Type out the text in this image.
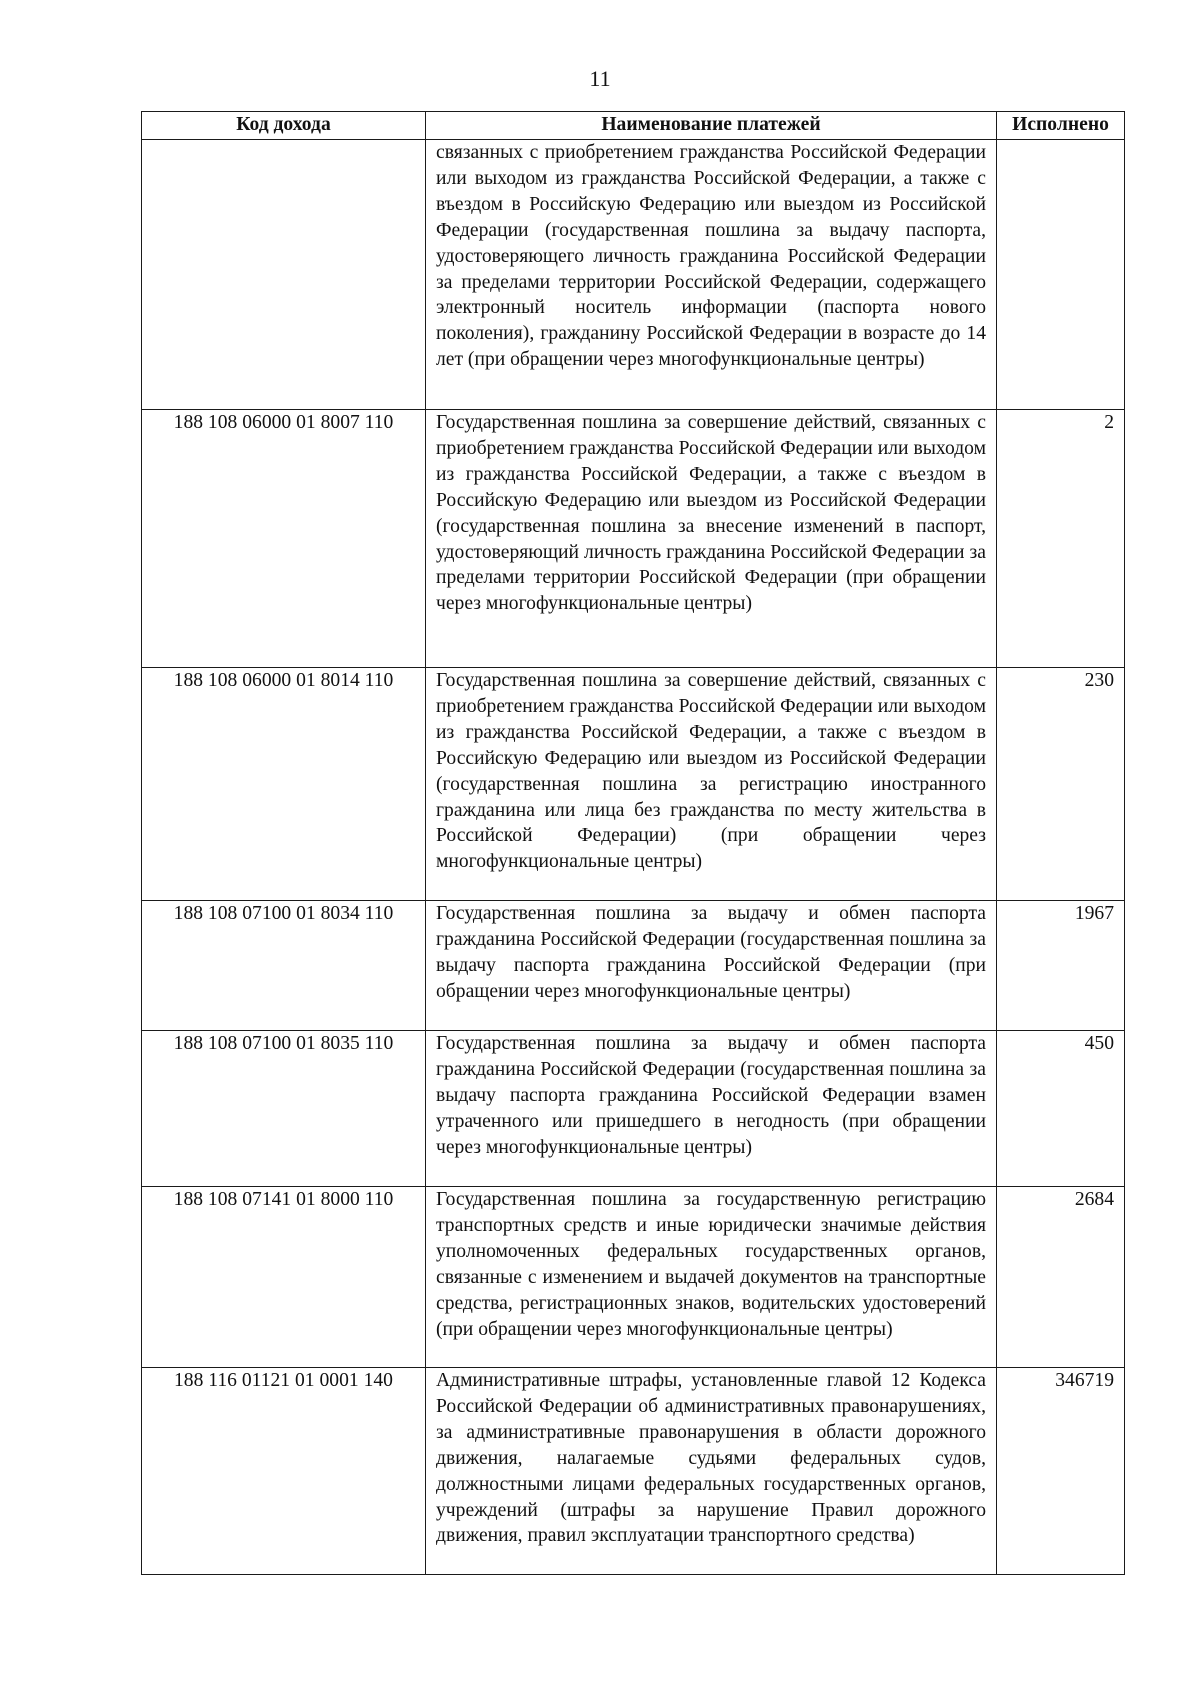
11
Код дохода	Наименование платежей	Исполнено
	связанных с приобретением гражданства Российской Федерации или выходом из гражданства Российской Федерации, а также с въездом в Российскую Федерацию или выездом из Российской Федерации (государственная пошлина за выдачу паспорта, удостоверяющего личность гражданина Российской Федерации за пределами территории Российской Федерации, содержащего электронный носитель информации (паспорта нового поколения), гражданину Российской Федерации в возрасте до 14 лет (при обращении через многофункциональные центры)	
188 108 06000 01 8007 110	Государственная пошлина за совершение действий, связанных с приобретением гражданства Российской Федерации или выходом из гражданства Российской Федерации, а также с въездом в Российскую Федерацию или выездом из Российской Федерации (государственная пошлина за внесение изменений в паспорт, удостоверяющий личность гражданина Российской Федерации за пределами территории Российской Федерации (при обращении через многофункциональные центры)	2
188 108 06000 01 8014 110	Государственная пошлина за совершение действий, связанных с приобретением гражданства Российской Федерации или выходом из гражданства Российской Федерации, а также с въездом в Российскую Федерацию или выездом из Российской Федерации (государственная пошлина за регистрацию иностранного гражданина или лица без гражданства по месту жительства в Российской Федерации) (при обращении через многофункциональные центры)	230
188 108 07100 01 8034 110	Государственная пошлина за выдачу и обмен паспорта гражданина Российской Федерации (государственная пошлина за выдачу паспорта гражданина Российской Федерации (при обращении через многофункциональные центры)	1967
188 108 07100 01 8035 110	Государственная пошлина за выдачу и обмен паспорта гражданина Российской Федерации (государственная пошлина за выдачу паспорта гражданина Российской Федерации взамен утраченного или пришедшего в негодность (при обращении через многофункциональные центры)	450
188 108 07141 01 8000 110	Государственная пошлина за государственную регистрацию транспортных средств и иные юридически значимые действия уполномоченных федеральных государственных органов, связанные с изменением и выдачей документов на транспортные средства, регистрационных знаков, водительских удостоверений (при обращении через многофункциональные центры)	2684
188 116 01121 01 0001 140	Административные штрафы, установленные главой 12 Кодекса Российской Федерации об административных правонарушениях, за административные правонарушения в области дорожного движения, налагаемые судьями федеральных судов, должностными лицами федеральных государственных органов, учреждений (штрафы за нарушение Правил дорожного движения, правил эксплуатации транспортного средства)	346719
